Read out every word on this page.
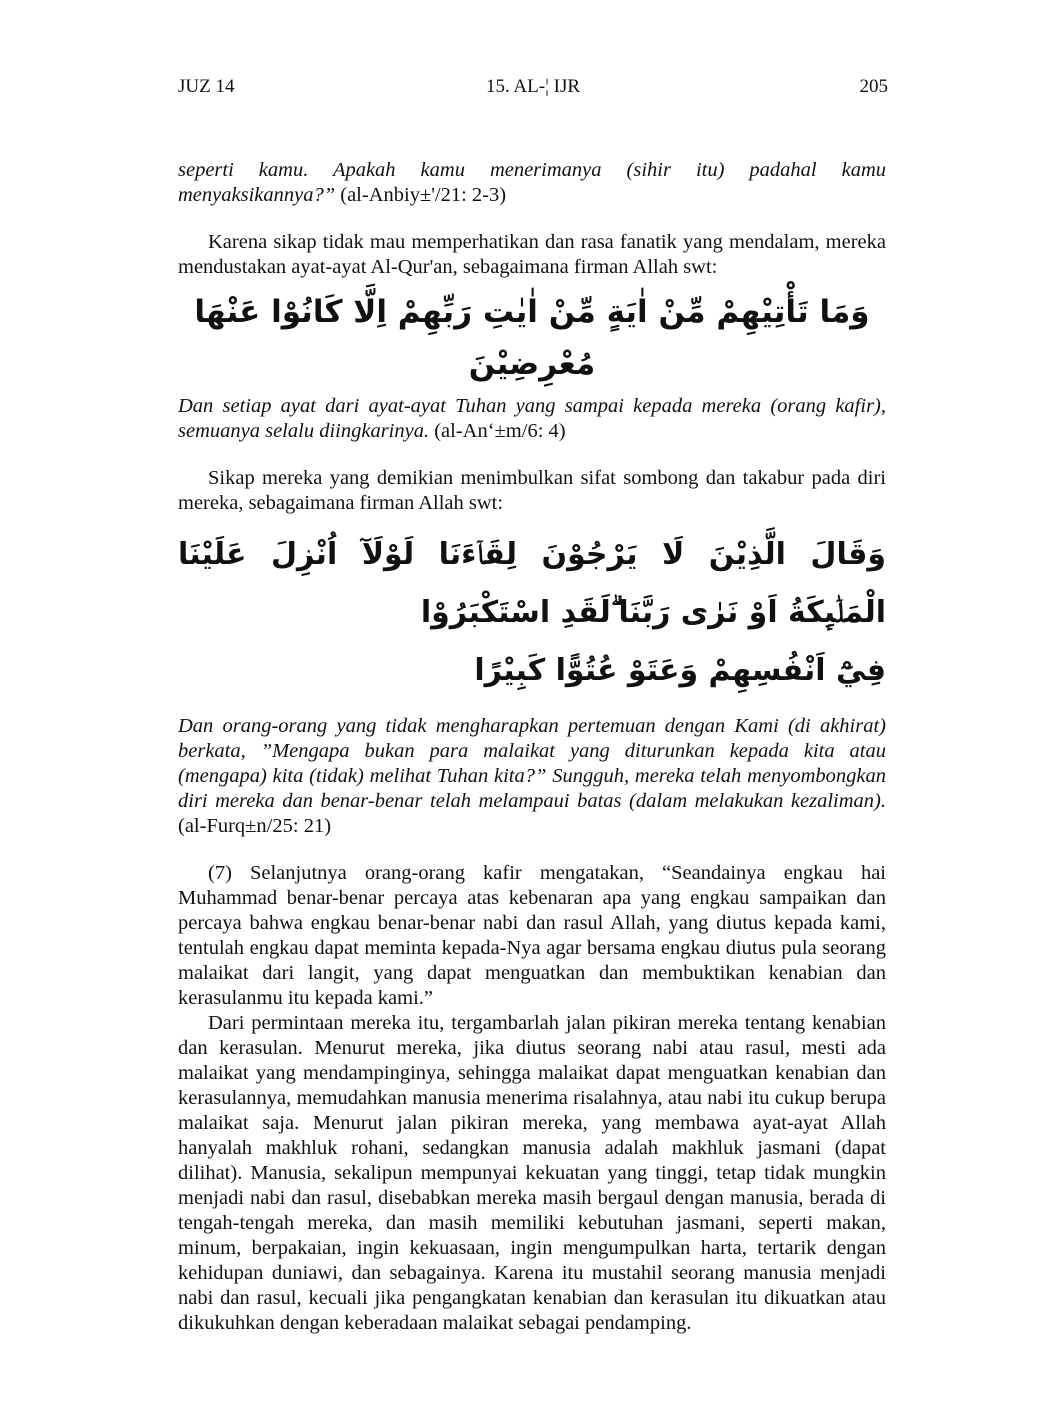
JUZ 14	15. AL-¦ IJR	205

seperti kamu. Apakah kamu menerimanya (sihir itu) padahal kamu menyaksikannya?” (al-Anbiy±'/21: 2-3)

Karena sikap tidak mau memperhatikan dan rasa fanatik yang mendalam, mereka mendustakan ayat-ayat Al-Qur'an, sebagaimana firman Allah swt:

وَمَا تَأْتِيْهِمْ مِّنْ اٰيَةٍ مِّنْ اٰيٰتِ رَبِّهِمْ اِلَّا كَانُوْا عَنْهَا مُعْرِضِيْنَ

Dan setiap ayat dari ayat-ayat Tuhan yang sampai kepada mereka (orang kafir), semuanya selalu diingkarinya. (al-An‘±m/6: 4)

Sikap mereka yang demikian menimbulkan sifat sombong dan takabur pada diri mereka, sebagaimana firman Allah swt:

وَقَالَ الَّذِيْنَ لَا يَرْجُوْنَ لِقَاۤءَنَا لَوْلَآ اُنْزِلَ عَلَيْنَا الْمَلٰۤىِٕكَةُ اَوْ نَرٰى رَبَّنَا ۗلَقَدِ اسْتَكْبَرُوْا
فِيْٓ اَنْفُسِهِمْ وَعَتَوْ عُتُوًّا كَبِيْرًا

Dan orang-orang yang tidak mengharapkan pertemuan dengan Kami (di akhirat) berkata, ”Mengapa bukan para malaikat yang diturunkan kepada kita atau (mengapa) kita (tidak) melihat Tuhan kita?” Sungguh, mereka telah menyombongkan diri mereka dan benar-benar telah melampaui batas (dalam melakukan kezaliman). (al-Furq±n/25: 21)

(7) Selanjutnya orang-orang kafir mengatakan, “Seandainya engkau hai Muhammad benar-benar percaya atas kebenaran apa yang engkau sampaikan dan percaya bahwa engkau benar-benar nabi dan rasul Allah, yang diutus kepada kami, tentulah engkau dapat meminta kepada-Nya agar bersama engkau diutus pula seorang malaikat dari langit, yang dapat menguatkan dan membuktikan kenabian dan kerasulanmu itu kepada kami.”

Dari permintaan mereka itu, tergambarlah jalan pikiran mereka tentang kenabian dan kerasulan. Menurut mereka, jika diutus seorang nabi atau rasul, mesti ada malaikat yang mendampinginya, sehingga malaikat dapat menguatkan kenabian dan kerasulannya, memudahkan manusia menerima risalahnya, atau nabi itu cukup berupa malaikat saja. Menurut jalan pikiran mereka, yang membawa ayat-ayat Allah hanyalah makhluk rohani, sedangkan manusia adalah makhluk jasmani (dapat dilihat). Manusia, sekalipun mempunyai kekuatan yang tinggi, tetap tidak mungkin menjadi nabi dan rasul, disebabkan mereka masih bergaul dengan manusia, berada di tengah-tengah mereka, dan masih memiliki kebutuhan jasmani, seperti makan, minum, berpakaian, ingin kekuasaan, ingin mengumpulkan harta, tertarik dengan kehidupan duniawi, dan sebagainya. Karena itu mustahil seorang manusia menjadi nabi dan rasul, kecuali jika pengangkatan kenabian dan kerasulan itu dikuatkan atau dikukuhkan dengan keberadaan malaikat sebagai pendamping.
